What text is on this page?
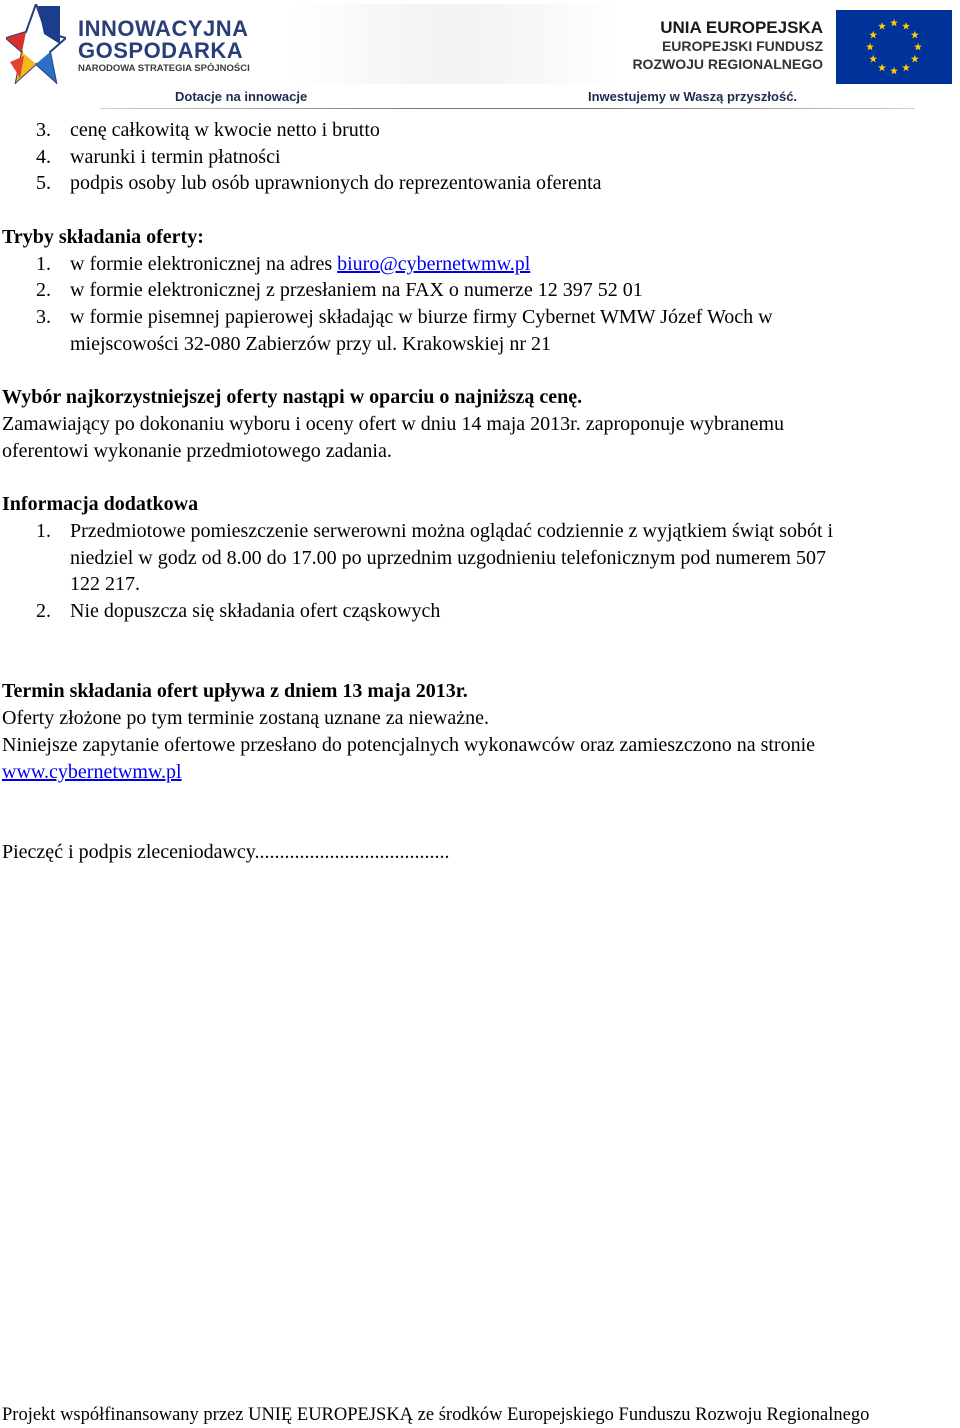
INNOWACYJNA
GOSPODARKA
NARODOWA STRATEGIA SPÓJNOŚCI
Dotacje na innowacje
UNIA EUROPEJSKA
EUROPEJSKI FUNDUSZ
ROZWOJU REGIONALNEGO
Inwestujemy w Waszą przyszłość.
3. cenę całkowitą w kwocie netto i brutto
4. warunki i termin płatności
5. podpis osoby lub osób uprawnionych do reprezentowania oferenta
Tryby składania oferty:
1. w formie elektronicznej na adres biuro@cybernetwmw.pl
2. w formie elektronicznej z przesłaniem na FAX o numerze 12 397 52 01
3. w formie pisemnej papierowej składając w biurze firmy Cybernet WMW Józef Woch w
miejscowości 32-080 Zabierzów przy ul. Krakowskiej nr 21
Wybór najkorzystniejszej oferty nastąpi w oparciu o najniższą cenę.
Zamawiający po dokonaniu wyboru i oceny ofert w dniu 14 maja 2013r. zaproponuje wybranemu
oferentowi wykonanie przedmiotowego zadania.
Informacja dodatkowa
1. Przedmiotowe pomieszczenie serwerowni można oglądać codziennie z wyjątkiem świąt sobót i
niedziel w godz od 8.00 do 17.00 po uprzednim uzgodnieniu telefonicznym pod numerem 507
122 217.
2. Nie dopuszcza się składania ofert cząskowych
Termin składania ofert upływa z dniem 13 maja 2013r.
Oferty złożone po tym terminie zostaną uznane za nieważne.
Niniejsze zapytanie ofertowe przesłano do potencjalnych wykonawców oraz zamieszczono na stronie
www.cybernetwmw.pl
Pieczęć i podpis zleceniodawcy.......................................
Projekt współfinansowany przez UNIĘ EUROPEJSKĄ ze środków Europejskiego Funduszu Rozwoju Regionalnego
